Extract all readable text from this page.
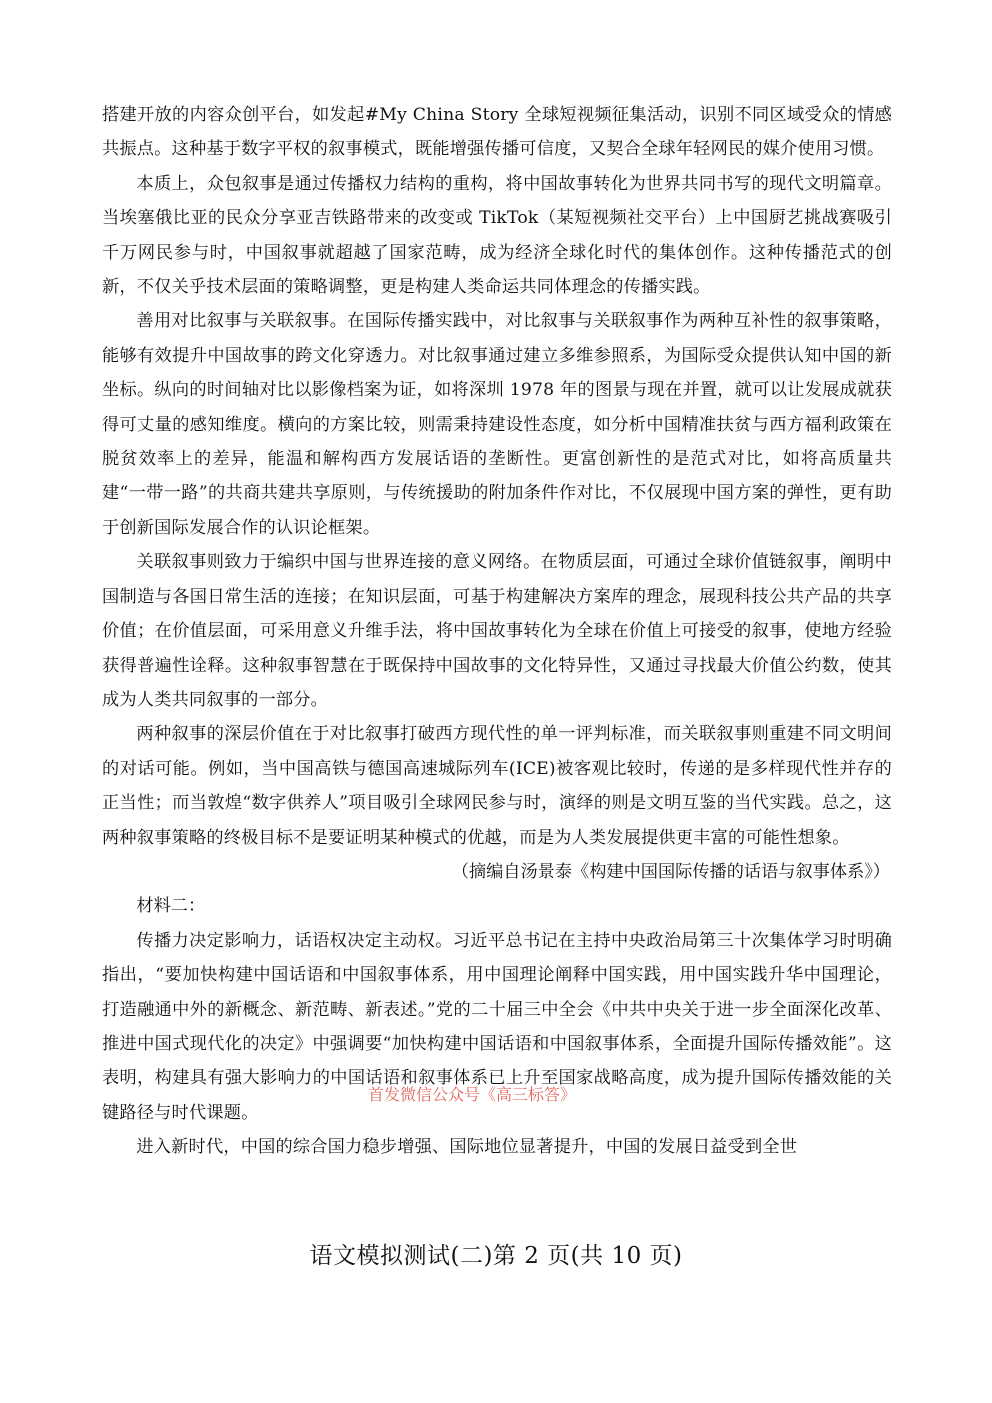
搭建开放的内容众创平台，如发起#My China Story 全球短视频征集活动，识别不同区域受众的情感共振点。这种基于数字平权的叙事模式，既能增强传播可信度，又契合全球年轻网民的媒介使用习惯。

本质上，众包叙事是通过传播权力结构的重构，将中国故事转化为世界共同书写的现代文明篇章。当埃塞俄比亚的民众分享亚吉铁路带来的改变或 TikTok（某短视频社交平台）上中国厨艺挑战赛吸引千万网民参与时，中国叙事就超越了国家范畴，成为经济全球化时代的集体创作。这种传播范式的创新，不仅关乎技术层面的策略调整，更是构建人类命运共同体理念的传播实践。

善用对比叙事与关联叙事。在国际传播实践中，对比叙事与关联叙事作为两种互补性的叙事策略，能够有效提升中国故事的跨文化穿透力。对比叙事通过建立多维参照系，为国际受众提供认知中国的新坐标。纵向的时间轴对比以影像档案为证，如将深圳 1978 年的图景与现在并置，就可以让发展成就获得可丈量的感知维度。横向的方案比较，则需秉持建设性态度，如分析中国精准扶贫与西方福利政策在脱贫效率上的差异，能温和解构西方发展话语的垄断性。更富创新性的是范式对比，如将高质量共建“一带一路”的共商共建共享原则，与传统援助的附加条件作对比，不仅展现中国方案的弹性，更有助于创新国际发展合作的认识论框架。

关联叙事则致力于编织中国与世界连接的意义网络。在物质层面，可通过全球价值链叙事，阐明中国制造与各国日常生活的连接；在知识层面，可基于构建解决方案库的理念，展现科技公共产品的共享价值；在价值层面，可采用意义升维手法，将中国故事转化为全球在价值上可接受的叙事，使地方经验获得普遍性诠释。这种叙事智慧在于既保持中国故事的文化特异性，又通过寻找最大价值公约数，使其成为人类共同叙事的一部分。

两种叙事的深层价值在于对比叙事打破西方现代性的单一评判标准，而关联叙事则重建不同文明间的对话可能。例如，当中国高铁与德国高速城际列车(ICE)被客观比较时，传递的是多样现代性并存的正当性；而当敦煌“数字供养人”项目吸引全球网民参与时，演绎的则是文明互鉴的当代实践。总之，这两种叙事策略的终极目标不是要证明某种模式的优越，而是为人类发展提供更丰富的可能性想象。

（摘编自汤景泰《构建中国国际传播的话语与叙事体系》）

材料二：

传播力决定影响力，话语权决定主动权。习近平总书记在主持中央政治局第三十次集体学习时明确指出，“要加快构建中国话语和中国叙事体系，用中国理论阐释中国实践，用中国实践升华中国理论，打造融通中外的新概念、新范畴、新表述。”党的二十届三中全会《中共中央关于进一步全面深化改革、推进中国式现代化的决定》中强调要“加快构建中国话语和中国叙事体系，全面提升国际传播效能”。这表明，构建具有强大影响力的中国话语和叙事体系已上升至国家战略高度，成为提升国际传播效能的关键路径与时代课题。

进入新时代，中国的综合国力稳步增强、国际地位显著提升，中国的发展日益受到全世

首发微信公众号《高三标答》
语文模拟测试(二)第 2 页(共 10 页)
